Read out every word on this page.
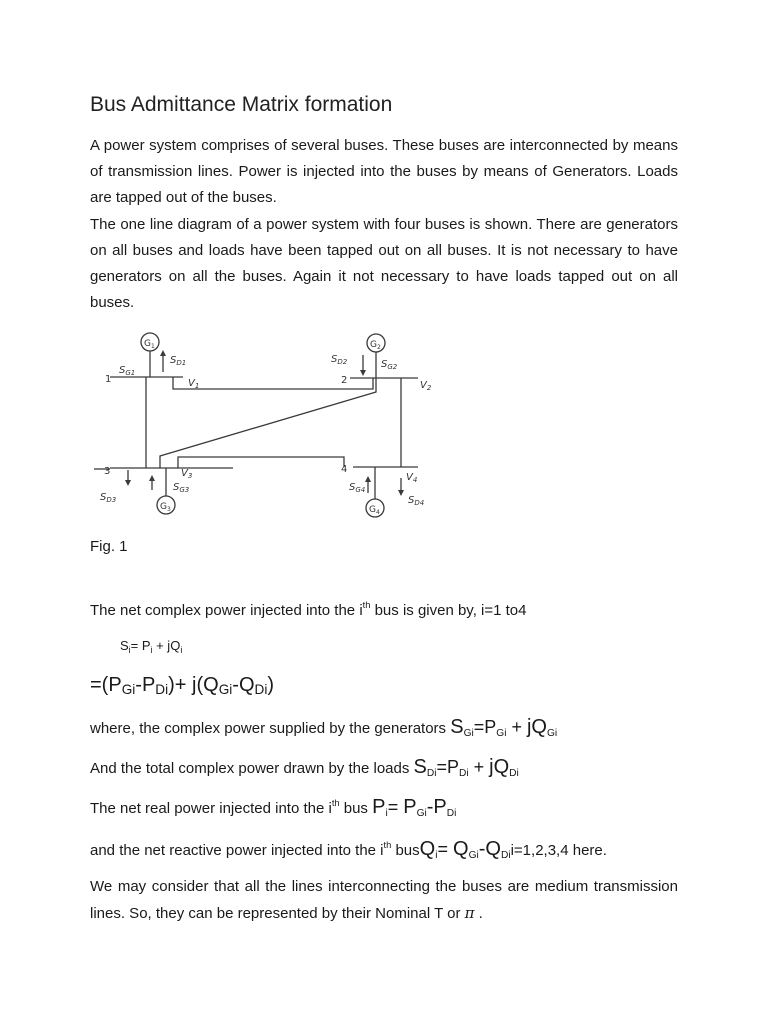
Bus Admittance Matrix formation

A power system comprises of several buses. These buses are interconnected by means of transmission lines. Power is injected into the buses by means of Generators. Loads are tapped out of the buses.

The one line diagram of a power system with four buses is shown. There are generators on all buses and loads have been tapped out on all buses. It is not necessary to have generators on all the buses. Again it not necessary to have loads tapped out on all buses.

$G_1$	$G_2$
$G_3$	$G_4$
$S_{D1}$
$S_{G1}$
$S_{D2}$	$S_{G2}$
$S_{G3}$
$S_{D3}$
$S_{G4}$
$S_{D4}$
$V_1$	$V_2$
$V_3$	$V_4$
1	2
3	4

Fig. 1

The net complex power injected into the $i^{th}$ bus is given by, i=1 to4

$S_i= P_i + jQ_i$

$=(P_{Gi}-P_{Di})+ j(Q_{Gi}-Q_{Di})$

where, the complex power supplied by the generators $S_{Gi}=P_{Gi} + jQ_{Gi}$

And the total complex power drawn by the loads $S_{Di}=P_{Di} + jQ_{Di}$

The net real power injected into the $i^{th}$ bus $P_i= P_{Gi}-P_{Di}$

and the net reactive power injected into the $i^{th}$ busQ$_i$= $Q_{Gi}-Q_{Di}i=1,2,3,4$ here.

We may consider that all the lines interconnecting the buses are medium transmission lines. So, they can be represented by their Nominal T or π .
